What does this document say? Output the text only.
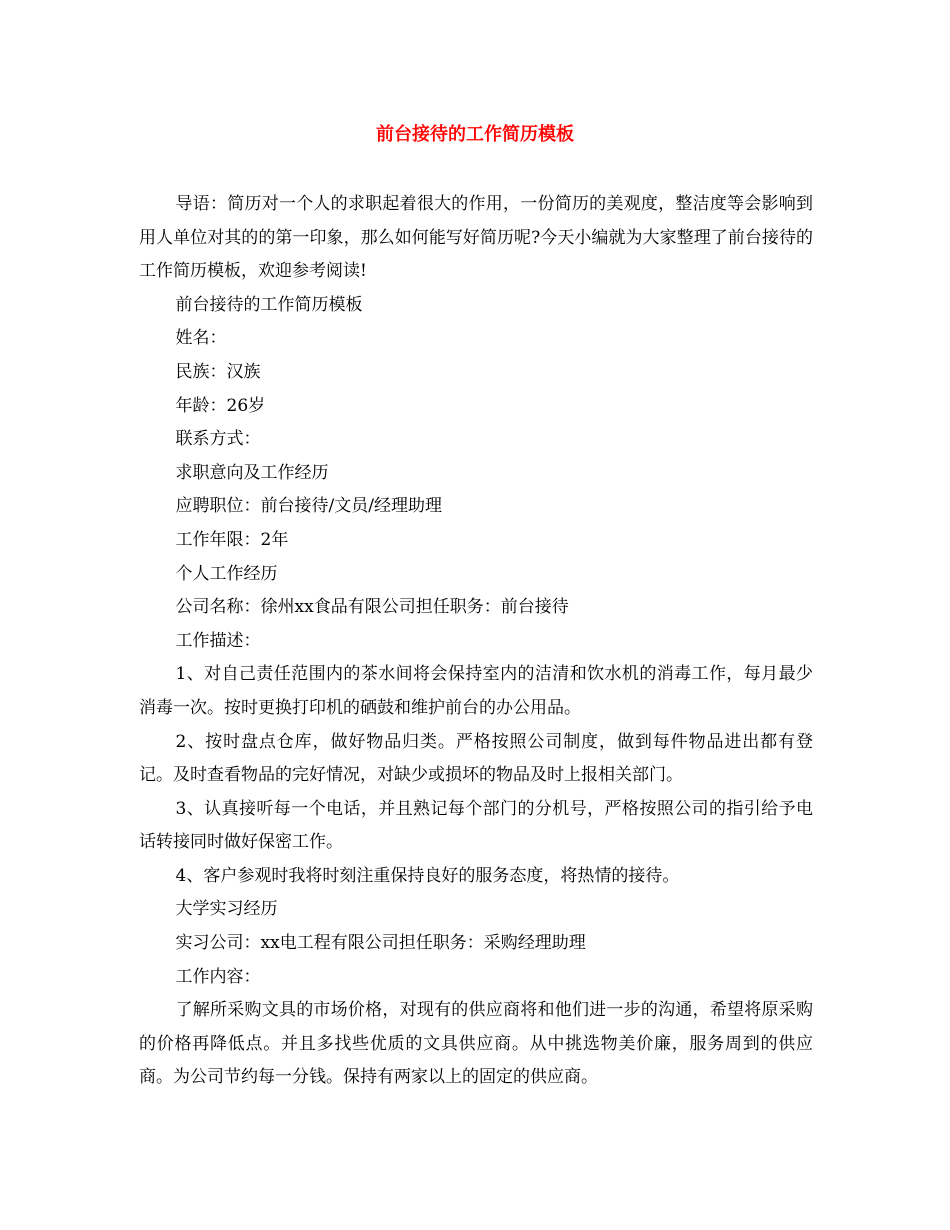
前台接待的工作简历模板

导语：简历对一个人的求职起着很大的作用，一份简历的美观度，整洁度等会影响到用人单位对其的的第一印象，那么如何能写好简历呢?今天小编就为大家整理了前台接待的工作简历模板，欢迎参考阅读!

前台接待的工作简历模板

姓名：

民族：汉族

年龄：26岁

联系方式：

求职意向及工作经历

应聘职位：前台接待/文员/经理助理

工作年限：2年

个人工作经历

公司名称：徐州xx食品有限公司担任职务：前台接待

工作描述：

1、对自己责任范围内的茶水间将会保持室内的洁清和饮水机的消毒工作，每月最少消毒一次。按时更换打印机的硒鼓和维护前台的办公用品。

2、按时盘点仓库，做好物品归类。严格按照公司制度，做到每件物品进出都有登记。及时查看物品的完好情况，对缺少或损坏的物品及时上报相关部门。

3、认真接听每一个电话，并且熟记每个部门的分机号，严格按照公司的指引给予电话转接同时做好保密工作。

4、客户参观时我将时刻注重保持良好的服务态度，将热情的接待。

大学实习经历

实习公司：xx电工程有限公司担任职务：采购经理助理

工作内容：

了解所采购文具的市场价格，对现有的供应商将和他们进一步的沟通，希望将原采购的价格再降低点。并且多找些优质的文具供应商。从中挑选物美价廉，服务周到的供应商。为公司节约每一分钱。保持有两家以上的固定的供应商。
